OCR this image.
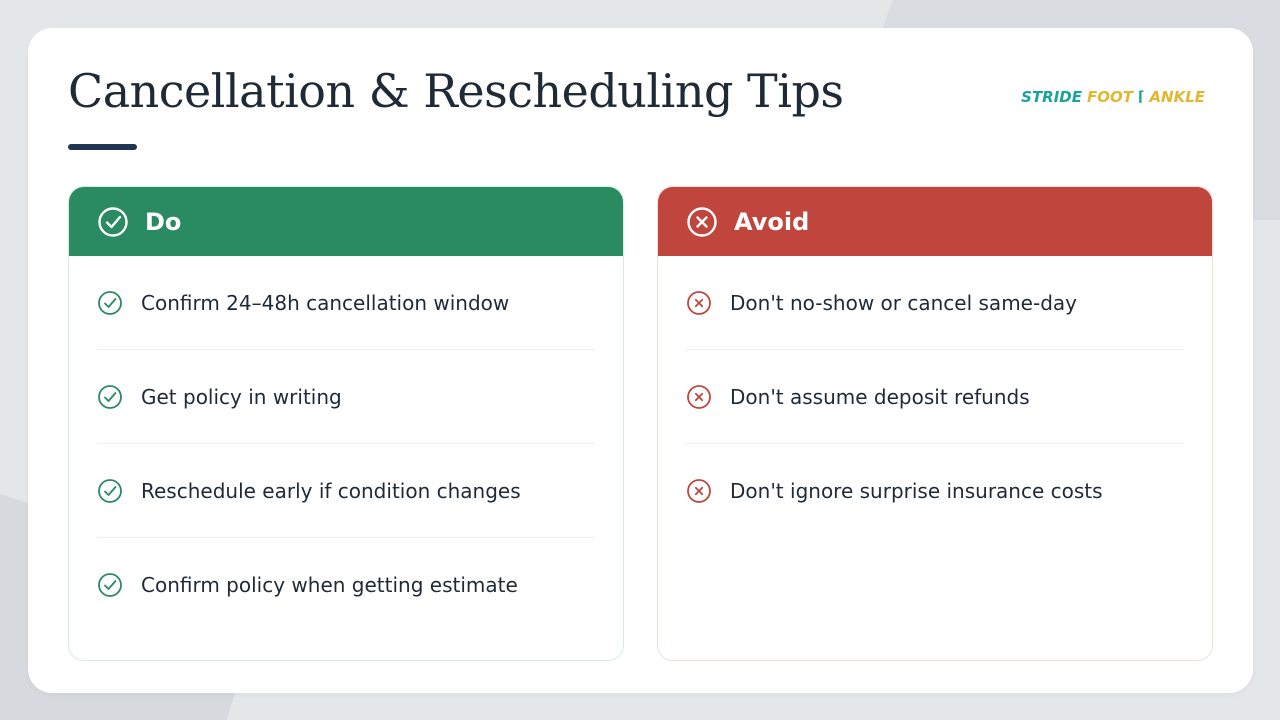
Cancellation & Rescheduling Tips	STRIDE FOOT ⌈ ANKLE
Do
Confirm 24–48h cancellation window
Get policy in writing
Reschedule early if condition changes
Confirm policy when getting estimate
Avoid
Don't no-show or cancel same-day
Don't assume deposit refunds
Don't ignore surprise insurance costs
